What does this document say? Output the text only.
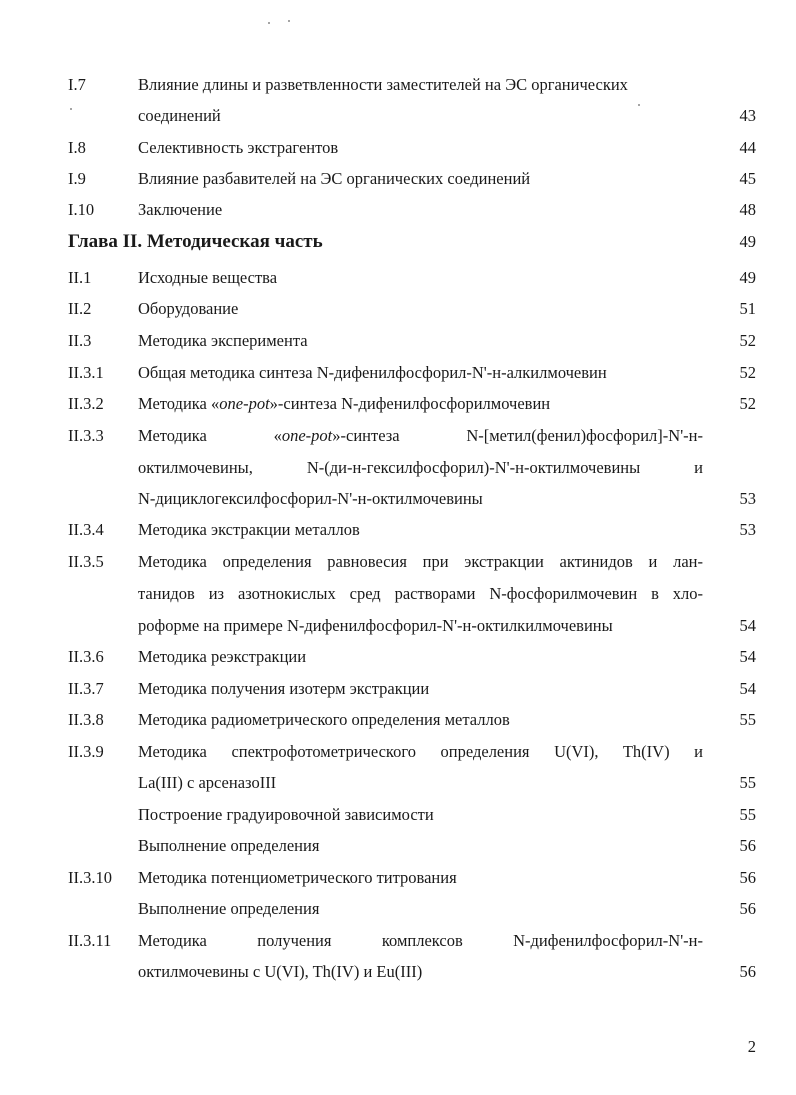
I.7	Влияние длины и разветвленности заместителей на ЭС органических
соединений	43
I.8	Селективность экстрагентов	44
I.9	Влияние разбавителей на ЭС органических соединений	45
I.10	Заключение	48
Глава II. Методическая часть	49
II.1	Исходные вещества	49
II.2	Оборудование	51
II.3	Методика эксперимента	52
II.3.1 Общая методика синтеза N-дифенилфосфорил-N'-н-алкилмочевин	52
II.3.2 Методика «one-pot»-синтеза N-дифенилфосфорилмочевин	52
II.3.3 Методика «one-pot»-синтеза N-[метил(фенил)фосфорил]-N'-н-
октилмочевины, N-(ди-н-гексилфосфорил)-N'-н-октилмочевины и
N-дициклогексилфосфорил-N'-н-октилмочевины	53
II.3.4 Методика экстракции металлов	53
II.3.5 Методика определения равновесия при экстракции актинидов и лан-
танидов из азотнокислых сред растворами N-фосфорилмочевин в хло-
роформе на примере N-дифенилфосфорил-N'-н-октилкилмочевины	54
II.3.6 Методика реэкстракции	54
II.3.7 Методика получения изотерм экстракции	54
II.3.8 Методика радиометрического определения металлов	55
II.3.9 Методика спектрофотометрического определения U(VI), Th(IV) и
La(III) с арсеназоIII	55
Построение градуировочной зависимости	55
Выполнение определения	56
II.3.10 Методика потенциометрического титрования	56
Выполнение определения	56
II.3.11 Методика получения комплексов N-дифенилфосфорил-N'-н-
октилмочевины с U(VI), Th(IV) и Eu(III)	56
2
